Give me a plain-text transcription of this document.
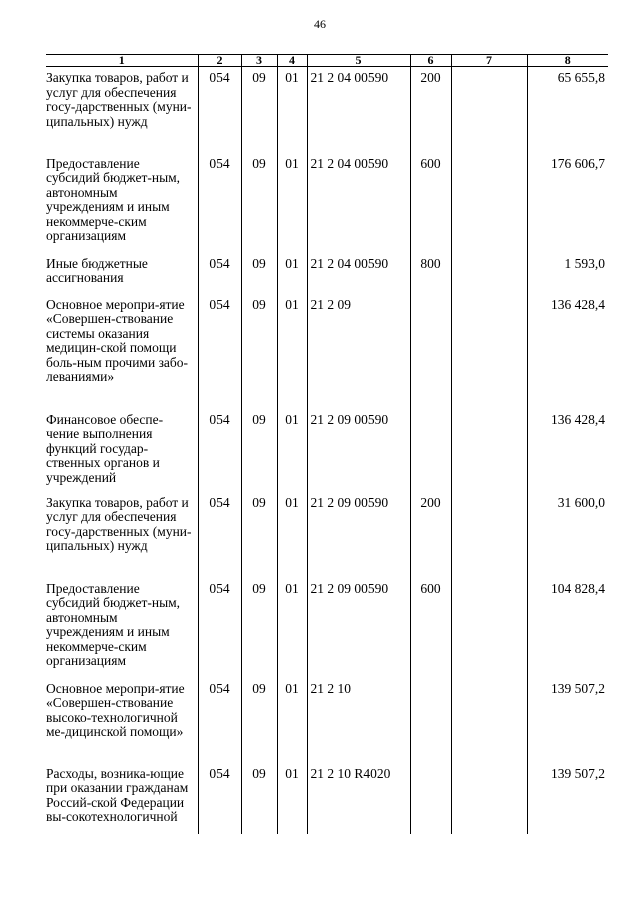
46
1	2	3	4	5	6	7	8
Закупка товаров, работ и услуг для обеспечения госу-дарственных (муни-ципальных) нужд	054	09	01	21 2 04 00590	200		65 655,8
Предоставление субсидий бюджет-ным, автономным учреждениям и иным некоммерче-ским организациям	054	09	01	21 2 04 00590	600		176 606,7
Иные бюджетные ассигнования	054	09	01	21 2 04 00590	800		1 593,0
Основное меропри-ятие «Совершен-ствование системы оказания медицин-ской помощи боль-ным прочими забо-леваниями»	054	09	01	21 2 09			136 428,4
Финансовое обеспе-чение выполнения функций государ-ственных органов и учреждений	054	09	01	21 2 09 00590			136 428,4
Закупка товаров, работ и услуг для обеспечения госу-дарственных (муни-ципальных) нужд	054	09	01	21 2 09 00590	200		31 600,0
Предоставление субсидий бюджет-ным, автономным учреждениям и иным некоммерче-ским организациям	054	09	01	21 2 09 00590	600		104 828,4
Основное меропри-ятие «Совершен-ствование высоко-технологичной ме-дицинской помощи»	054	09	01	21 2 10			139 507,2
Расходы, возника-ющие при оказании гражданам Россий-ской Федерации вы-сокотехнологичной	054	09	01	21 2 10 R4020			139 507,2
